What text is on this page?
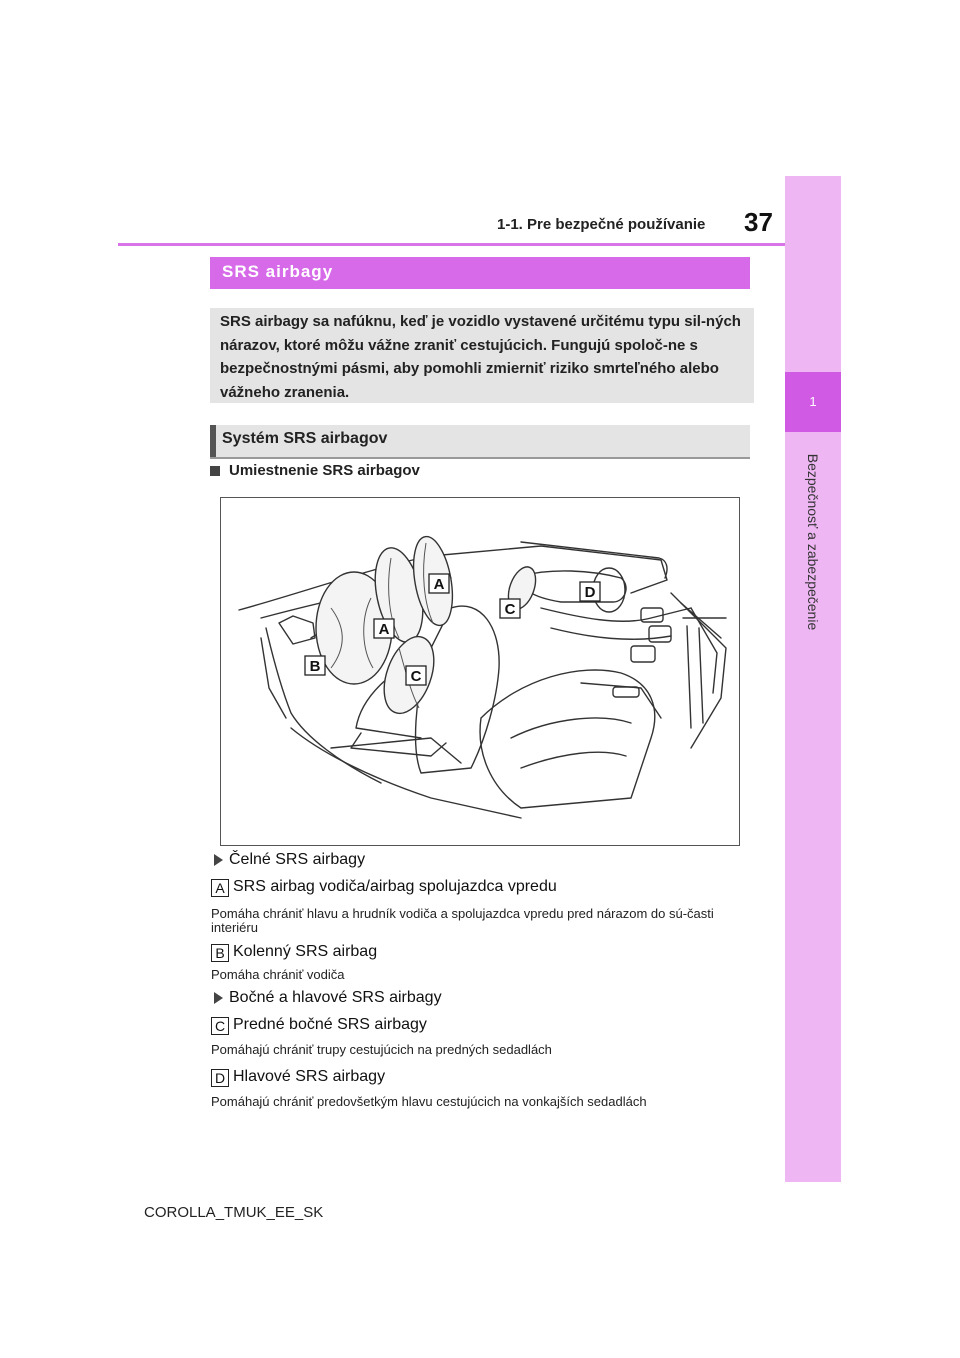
1-1. Pre bezpečné používanie 37
1
Bezpečnosť a zabezpečenie
SRS airbagy
SRS airbagy sa nafúknu, keď je vozidlo vystavené určitému typu sil-ných nárazov, ktoré môžu vážne zraniť cestujúcich. Fungujú spoloč-ne s bezpečnostnými pásmi, aby pomohli zmierniť riziko smrteľného alebo vážneho zranenia.
Systém SRS airbagov
Umiestnenie SRS airbagov
A
A
B
C
C
D
Čelné SRS airbagy
A SRS airbag vodiča/airbag spolujazdca vpredu
Pomáha chrániť hlavu a hrudník vodiča a spolujazdca vpredu pred nárazom do sú-časti interiéru
B Kolenný SRS airbag
Pomáha chrániť vodiča
Bočné a hlavové SRS airbagy
C Predné bočné SRS airbagy
Pomáhajú chrániť trupy cestujúcich na predných sedadlách
D Hlavové SRS airbagy
Pomáhajú chrániť predovšetkým hlavu cestujúcich na vonkajších sedadlách
COROLLA_TMUK_EE_SK
